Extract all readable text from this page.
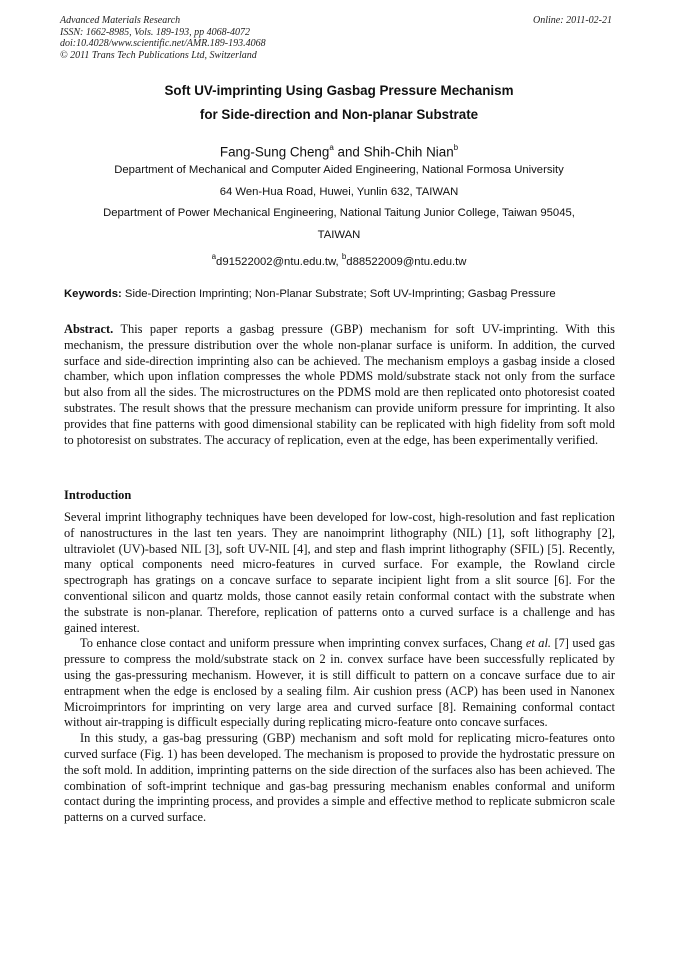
Advanced Materials Research
ISSN: 1662-8985, Vols. 189-193, pp 4068-4072
doi:10.4028/www.scientific.net/AMR.189-193.4068
© 2011 Trans Tech Publications Ltd, Switzerland
Online: 2011-02-21
Soft UV-imprinting Using Gasbag Pressure Mechanism
for Side-direction and Non-planar Substrate
Fang-Sung Cheng$^a$ and Shih-Chih Nian$^b$
Department of Mechanical and Computer Aided Engineering, National Formosa University
64 Wen-Hua Road, Huwei, Yunlin 632, TAIWAN
Department of Power Mechanical Engineering, National Taitung Junior College, Taiwan 95045,
TAIWAN
$^a$d91522002@ntu.edu.tw, $^b$d88522009@ntu.edu.tw
Keywords: Side-Direction Imprinting; Non-Planar Substrate; Soft UV-Imprinting; Gasbag Pressure
Abstract. This paper reports a gasbag pressure (GBP) mechanism for soft UV-imprinting. With this mechanism, the pressure distribution over the whole non-planar surface is uniform. In addition, the curved surface and side-direction imprinting also can be achieved. The mechanism employs a gasbag inside a closed chamber, which upon inflation compresses the whole PDMS mold/substrate stack not only from the surface but also from all the sides. The microstructures on the PDMS mold are then replicated onto photoresist coated substrates. The result shows that the pressure mechanism can provide uniform pressure for imprinting. It also provides that fine patterns with good dimensional stability can be replicated with high fidelity from soft mold to photoresist on substrates. The accuracy of replication, even at the edge, has been experimentally verified.
Introduction

Several imprint lithography techniques have been developed for low-cost, high-resolution and fast replication of nanostructures in the last ten years. They are nanoimprint lithography (NIL) [1], soft lithography [2], ultraviolet (UV)-based NIL [3], soft UV-NIL [4], and step and flash imprint lithography (SFIL) [5]. Recently, many optical components need micro-features in curved surface. For example, the Rowland circle spectrograph has gratings on a concave surface to separate incipient light from a slit source [6]. For the conventional silicon and quartz molds, those cannot easily retain conformal contact with the substrate when the substrate is non-planar. Therefore, replication of patterns onto a curved surface is a challenge and has gained interest.

To enhance close contact and uniform pressure when imprinting convex surfaces, Chang et al. [7] used gas pressure to compress the mold/substrate stack on 2 in. convex surface have been successfully replicated by using the gas-pressuring mechanism. However, it is still difficult to pattern on a concave surface due to air entrapment when the edge is enclosed by a sealing film. Air cushion press (ACP) has been used in Nanonex Microimprintors for imprinting on very large area and curved surface [8]. Remaining conformal contact without air-trapping is difficult especially during replicating micro-feature onto concave surfaces.

In this study, a gas-bag pressuring (GBP) mechanism and soft mold for replicating micro-features onto curved surface (Fig. 1) has been developed. The mechanism is proposed to provide the hydrostatic pressure on the soft mold. In addition, imprinting patterns on the side direction of the surfaces also has been achieved. The combination of soft-imprint technique and gas-bag pressuring mechanism enables conformal and uniform contact during the imprinting process, and provides a simple and effective method to replicate submicron scale patterns on a curved surface.
